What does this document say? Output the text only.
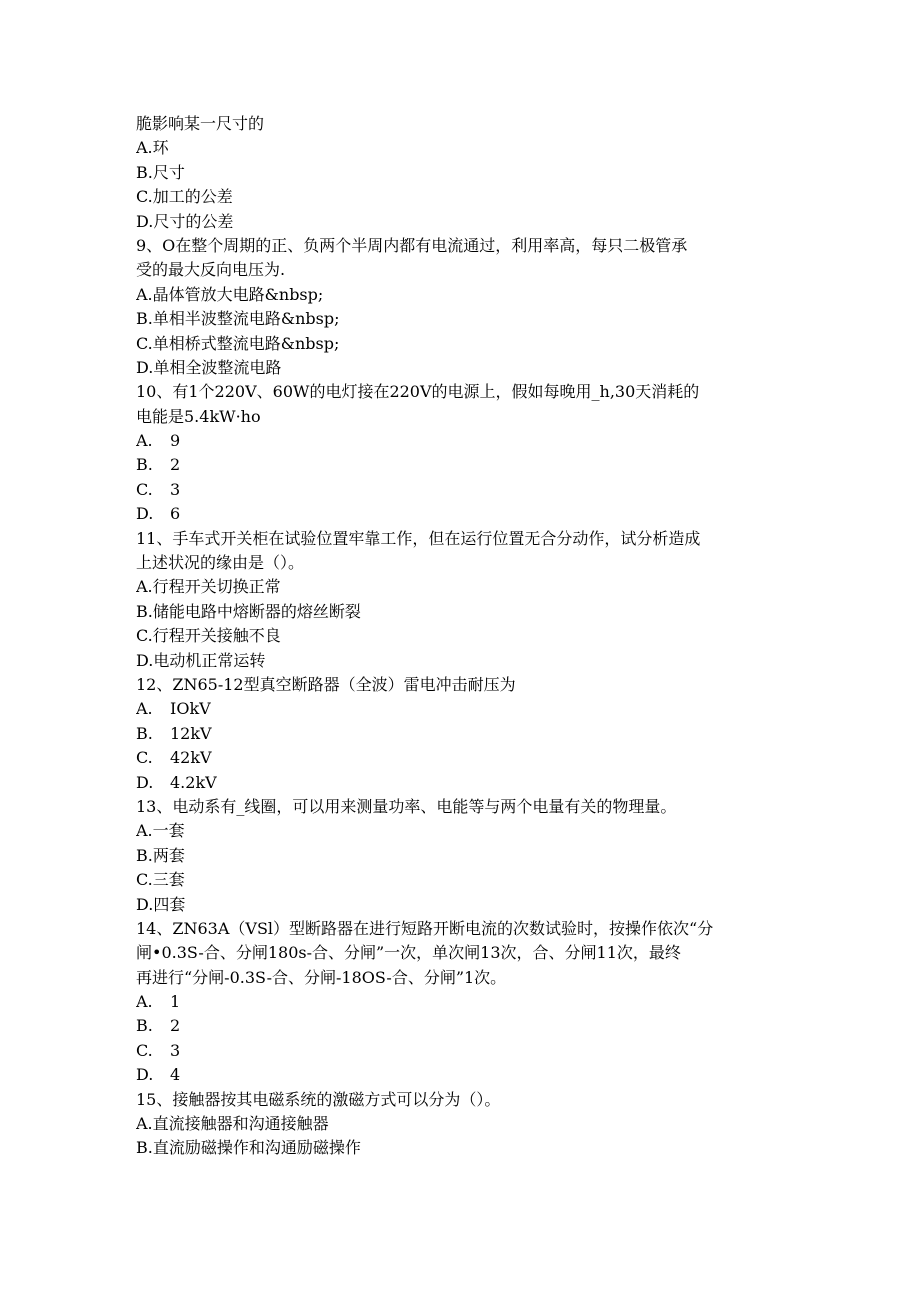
脆影响某一尺寸的
A.环
B.尺寸
C.加工的公差
D.尺寸的公差
9、O在整个周期的正、负两个半周内都有电流通过，利用率高，每只二极管承
受的最大反向电压为.
A.晶体管放大电路&nbsp;
B.单相半波整流电路&nbsp;
C.单相桥式整流电路&nbsp;
D.单相全波整流电路
10、有1个220V、60W的电灯接在220V的电源上，假如每晚用_h,30天消耗的
电能是5.4kW·ho
A. 9
B. 2
C. 3
D. 6
11、手车式开关柜在试验位置牢靠工作，但在运行位置无合分动作，试分析造成
上述状况的缘由是（）。
A.行程开关切换正常
B.储能电路中熔断器的熔丝断裂
C.行程开关接触不良
D.电动机正常运转
12、ZN65-12型真空断路器（全波）雷电冲击耐压为
A. IOkV
B. 12kV
C. 42kV
D. 4.2kV
13、电动系有_线圈，可以用来测量功率、电能等与两个电量有关的物理量。
A.一套
B.两套
C.三套
D.四套
14、ZN63A（VSl）型断路器在进行短路开断电流的次数试验时，按操作依次“分
闸•0.3S-合、分闸180s-合、分闸”一次，单次闸13次，合、分闸11次，最终
再进行“分闸-0.3S-合、分闸-18OS-合、分闸”1次。
A. 1
B. 2
C. 3
D. 4
15、接触器按其电磁系统的激磁方式可以分为（）。
A.直流接触器和沟通接触器
B.直流励磁操作和沟通励磁操作
